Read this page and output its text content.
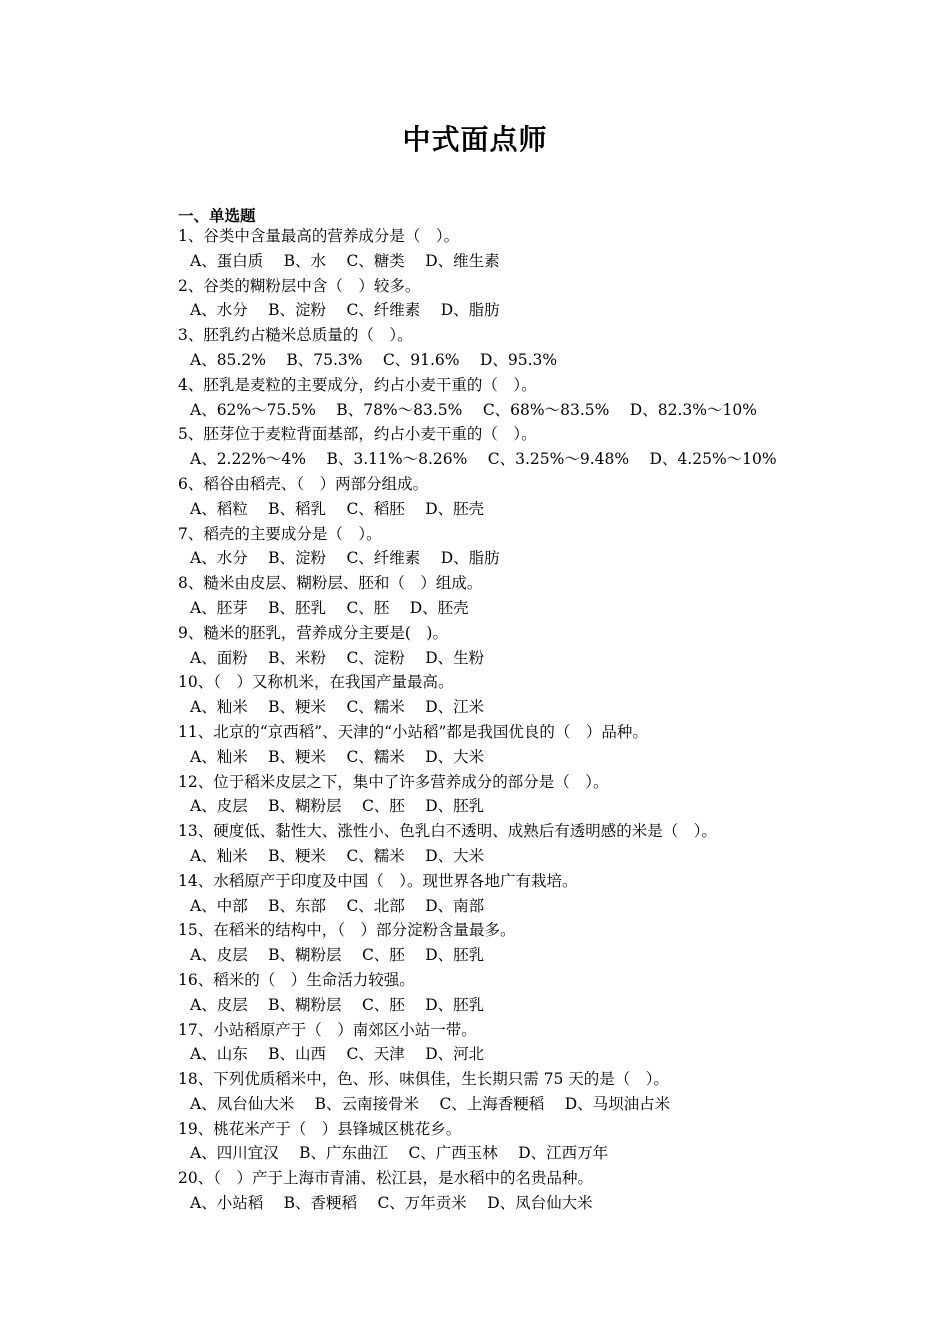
中式面点师
一、单选题
1、谷类中含量最高的营养成分是（　）。
A、蛋白质　 B、水　 C、糖类　 D、维生素
2、谷类的糊粉层中含（　）较多。
A、水分　 B、淀粉　 C、纤维素　 D、脂肪
3、胚乳约占糙米总质量的（　）。
A、85.2%　 B、75.3%　 C、91.6%　 D、95.3%
4、胚乳是麦粒的主要成分，约占小麦干重的（　）。
A、62%～75.5%　 B、78%～83.5%　 C、68%～83.5%　 D、82.3%～10%
5、胚芽位于麦粒背面基部，约占小麦干重的（　）。
A、2.22%～4%　 B、3.11%～8.26%　 C、3.25%～9.48%　 D、4.25%～10%
6、稻谷由稻壳、（　）两部分组成。
A、稻粒　 B、稻乳　 C、稻胚　 D、胚壳
7、稻壳的主要成分是（　）。
A、水分　 B、淀粉　 C、纤维素　 D、脂肪
8、糙米由皮层、糊粉层、胚和（　）组成。
A、胚芽　 B、胚乳　 C、胚　 D、胚壳
9、糙米的胚乳，营养成分主要是(　)。
A、面粉　 B、米粉　 C、淀粉　 D、生粉
10、（　）又称机米，在我国产量最高。
A、籼米　 B、粳米　 C、糯米　 D、江米
11、北京的“京西稻”、天津的“小站稻”都是我国优良的（　）品种。
A、籼米　 B、粳米　 C、糯米　 D、大米
12、位于稻米皮层之下，集中了许多营养成分的部分是（　）。
A、皮层　 B、糊粉层　 C、胚　 D、胚乳
13、硬度低、黏性大、涨性小、色乳白不透明、成熟后有透明感的米是（　）。
A、籼米　 B、粳米　 C、糯米　 D、大米
14、水稻原产于印度及中国（　）。现世界各地广有栽培。
A、中部　 B、东部　 C、北部　 D、南部
15、在稻米的结构中，（　）部分淀粉含量最多。
A、皮层　 B、糊粉层　 C、胚　 D、胚乳
16、稻米的（　）生命活力较强。
A、皮层　 B、糊粉层　 C、胚　 D、胚乳
17、小站稻原产于（　）南郊区小站一带。
A、山东　 B、山西　 C、天津　 D、河北
18、下列优质稻米中，色、形、味俱佳，生长期只需 75 天的是（　）。
A、凤台仙大米　 B、云南接骨米　 C、上海香粳稻　 D、马坝油占米
19、桃花米产于（　）县锋城区桃花乡。
A、四川宜汉　 B、广东曲江　 C、广西玉林　 D、江西万年
20、（　）产于上海市青浦、松江县，是水稻中的名贵品种。
A、小站稻　 B、香粳稻　 C、万年贡米　 D、凤台仙大米
